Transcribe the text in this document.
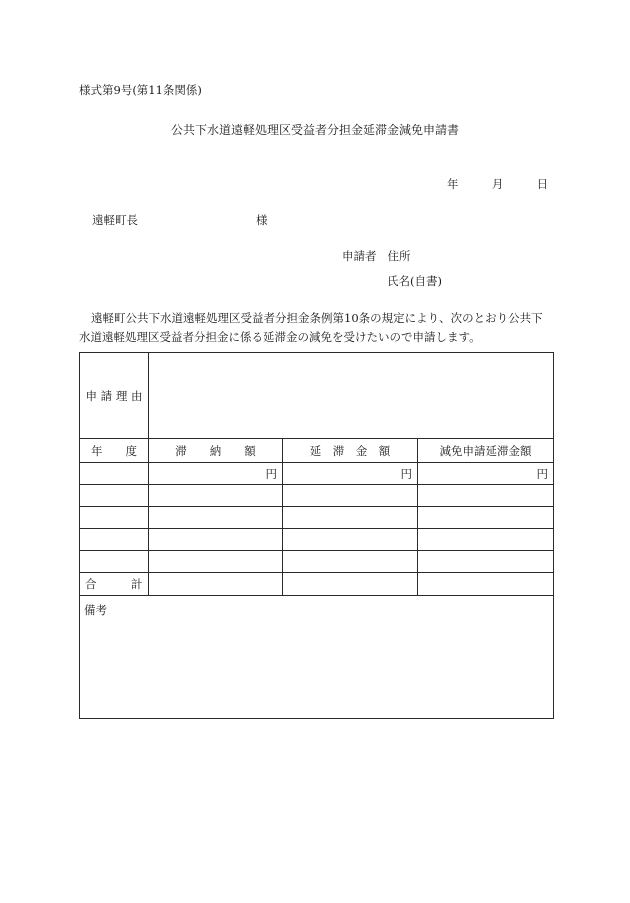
様式第9号(第11条関係)
公共下水道遠軽処理区受益者分担金延滞金減免申請書
年	月	日
遠軽町長	様
申請者 住所
氏名(自書)
遠軽町公共下水道遠軽処理区受益者分担金条例第10条の規定により、次のとおり公共下
水道遠軽処理区受益者分担金に係る延滞金の減免を受けたいので申請します。
申 請 理 由			
年　　度	滞　　納　　額	延　滞　金　額	減免申請延滞金額
	円	円	円

合　　　計			
備考			
